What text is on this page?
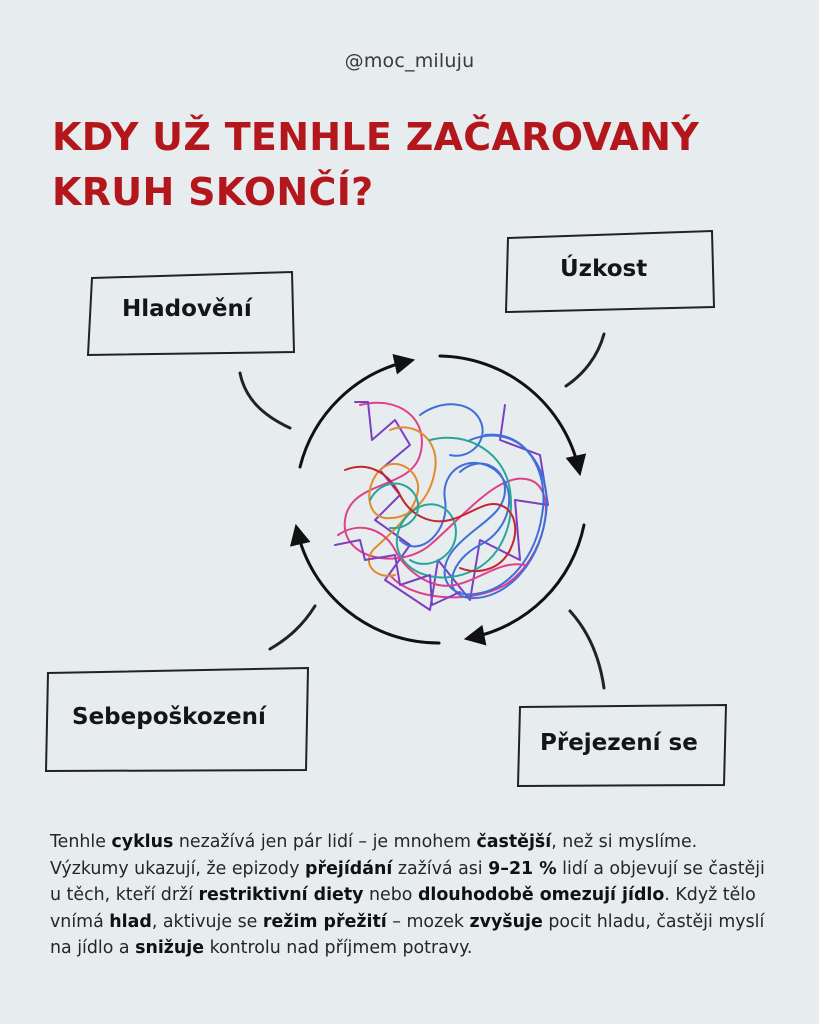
@moc_miluju
KDY UŽ TENHLE ZAČAROVANÝ
KRUH SKONČÍ?
Hladovění
Úzkost
Přejezení se
Sebepoškození

Tenhle cyklus nezažívá jen pár lidí – je mnohem častější, než si myslíme. Výzkumy ukazují, že epizody přejídání zažívá asi 9–21 % lidí a objevují se častěji u těch, kteří drží restriktivní diety nebo dlouhodobě omezují jídlo. Když tělo vnímá hlad, aktivuje se režim přežití – mozek zvyšuje pocit hladu, častěji myslí na jídlo a snižuje kontrolu nad příjmem potravy.
